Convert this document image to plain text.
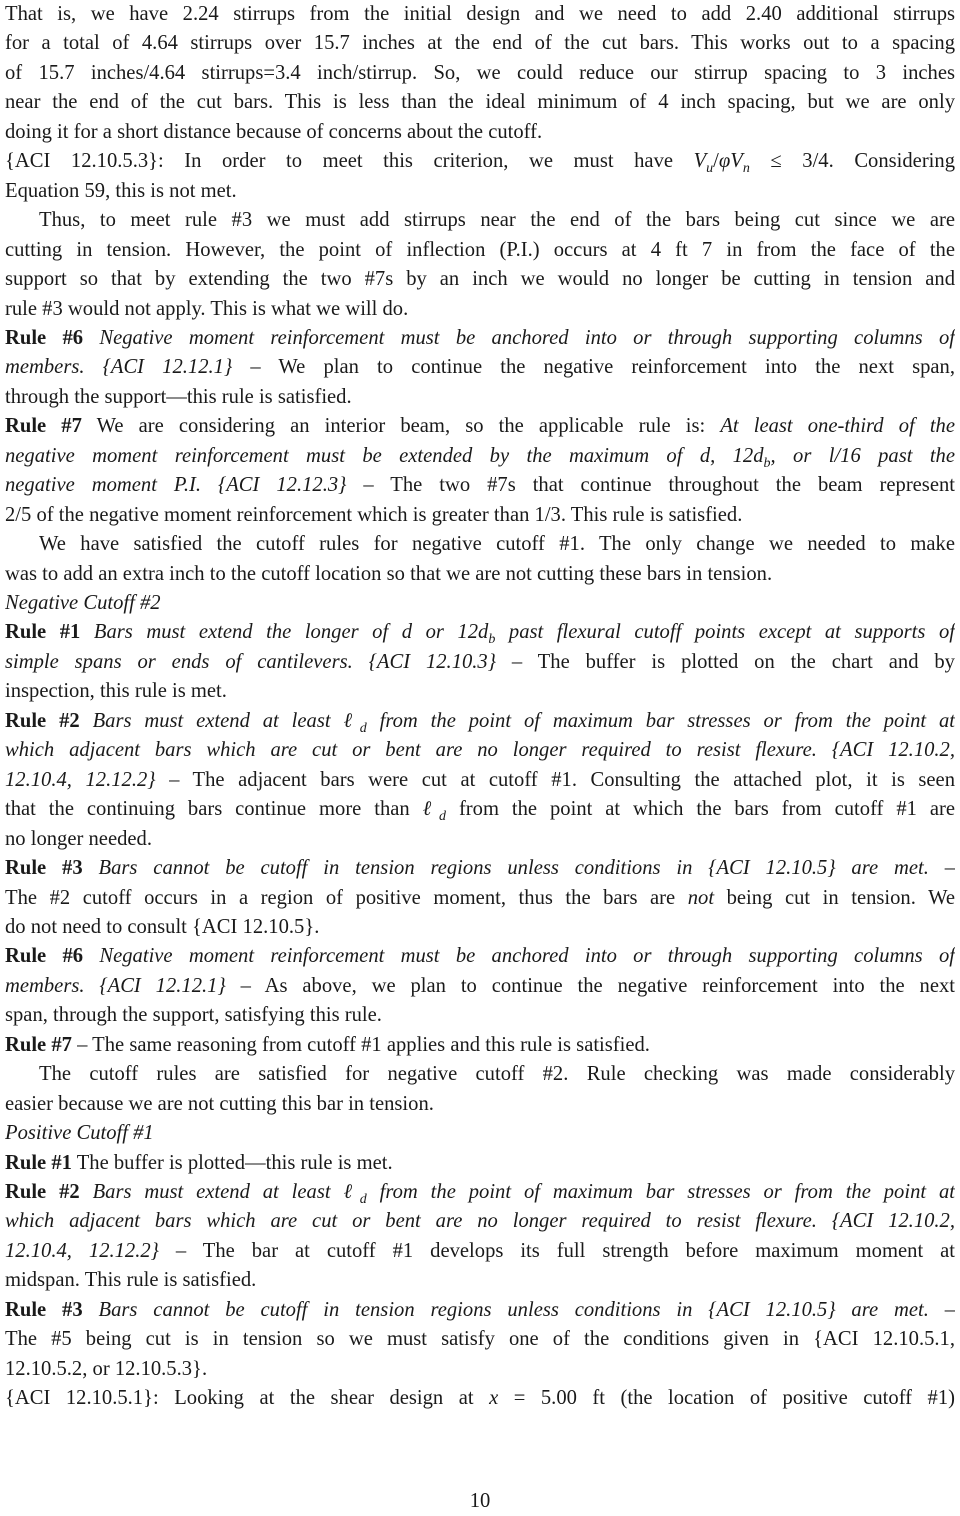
That is, we have 2.24 stirrups from the initial design and we need to add 2.40 additional stirrups
for a total of 4.64 stirrups over 15.7 inches at the end of the cut bars. This works out to a spacing
of 15.7 inches/4.64 stirrups=3.4 inch/stirrup. So, we could reduce our stirrup spacing to 3 inches
near the end of the cut bars. This is less than the ideal minimum of 4 inch spacing, but we are only
doing it for a short distance because of concerns about the cutoff.
{ACI 12.10.5.3}: In order to meet this criterion, we must have $V_u/\varphi V_n \le 3/4$. Considering
Equation 59, this is not met.
Thus, to meet rule #3 we must add stirrups near the end of the bars being cut since we are
cutting in tension. However, the point of inflection (P.I.) occurs at 4 ft 7 in from the face of the
support so that by extending the two #7s by an inch we would no longer be cutting in tension and
rule #3 would not apply. This is what we will do.
Rule #6 Negative moment reinforcement must be anchored into or through supporting columns of
members. {ACI 12.12.1} – We plan to continue the negative reinforcement into the next span,
through the support—this rule is satisfied.
Rule #7 We are considering an interior beam, so the applicable rule is: At least one-third of the
negative moment reinforcement must be extended by the maximum of d, $12d_b$, or l/16 past the
negative moment P.I. {ACI 12.12.3} – The two #7s that continue throughout the beam represent
2/5 of the negative moment reinforcement which is greater than 1/3. This rule is satisfied.
We have satisfied the cutoff rules for negative cutoff #1. The only change we needed to make
was to add an extra inch to the cutoff location so that we are not cutting these bars in tension.
Negative Cutoff #2
Rule #1 Bars must extend the longer of d or $12d_b$ past flexural cutoff points except at supports of
simple spans or ends of cantilevers. {ACI 12.10.3} – The buffer is plotted on the chart and by
inspection, this rule is met.
Rule #2 Bars must extend at least ℓ$_d$ from the point of maximum bar stresses or from the point at
which adjacent bars which are cut or bent are no longer required to resist flexure. {ACI 12.10.2,
12.10.4, 12.12.2} – The adjacent bars were cut at cutoff #1. Consulting the attached plot, it is seen
that the continuing bars continue more than ℓ$_d$ from the point at which the bars from cutoff #1 are
no longer needed.
Rule #3 Bars cannot be cutoff in tension regions unless conditions in {ACI 12.10.5} are met. –
The #2 cutoff occurs in a region of positive moment, thus the bars are not being cut in tension. We
do not need to consult {ACI 12.10.5}.
Rule #6 Negative moment reinforcement must be anchored into or through supporting columns of
members. {ACI 12.12.1} – As above, we plan to continue the negative reinforcement into the next
span, through the support, satisfying this rule.
Rule #7 – The same reasoning from cutoff #1 applies and this rule is satisfied.
The cutoff rules are satisfied for negative cutoff #2. Rule checking was made considerably
easier because we are not cutting this bar in tension.
Positive Cutoff #1
Rule #1 The buffer is plotted—this rule is met.
Rule #2 Bars must extend at least ℓ$_d$ from the point of maximum bar stresses or from the point at
which adjacent bars which are cut or bent are no longer required to resist flexure. {ACI 12.10.2,
12.10.4, 12.12.2} – The bar at cutoff #1 develops its full strength before maximum moment at
midspan. This rule is satisfied.
Rule #3 Bars cannot be cutoff in tension regions unless conditions in {ACI 12.10.5} are met. –
The #5 being cut is in tension so we must satisfy one of the conditions given in {ACI 12.10.5.1,
12.10.5.2, or 12.10.5.3}.
{ACI 12.10.5.1}: Looking at the shear design at x = 5.00 ft (the location of positive cutoff #1)
10
